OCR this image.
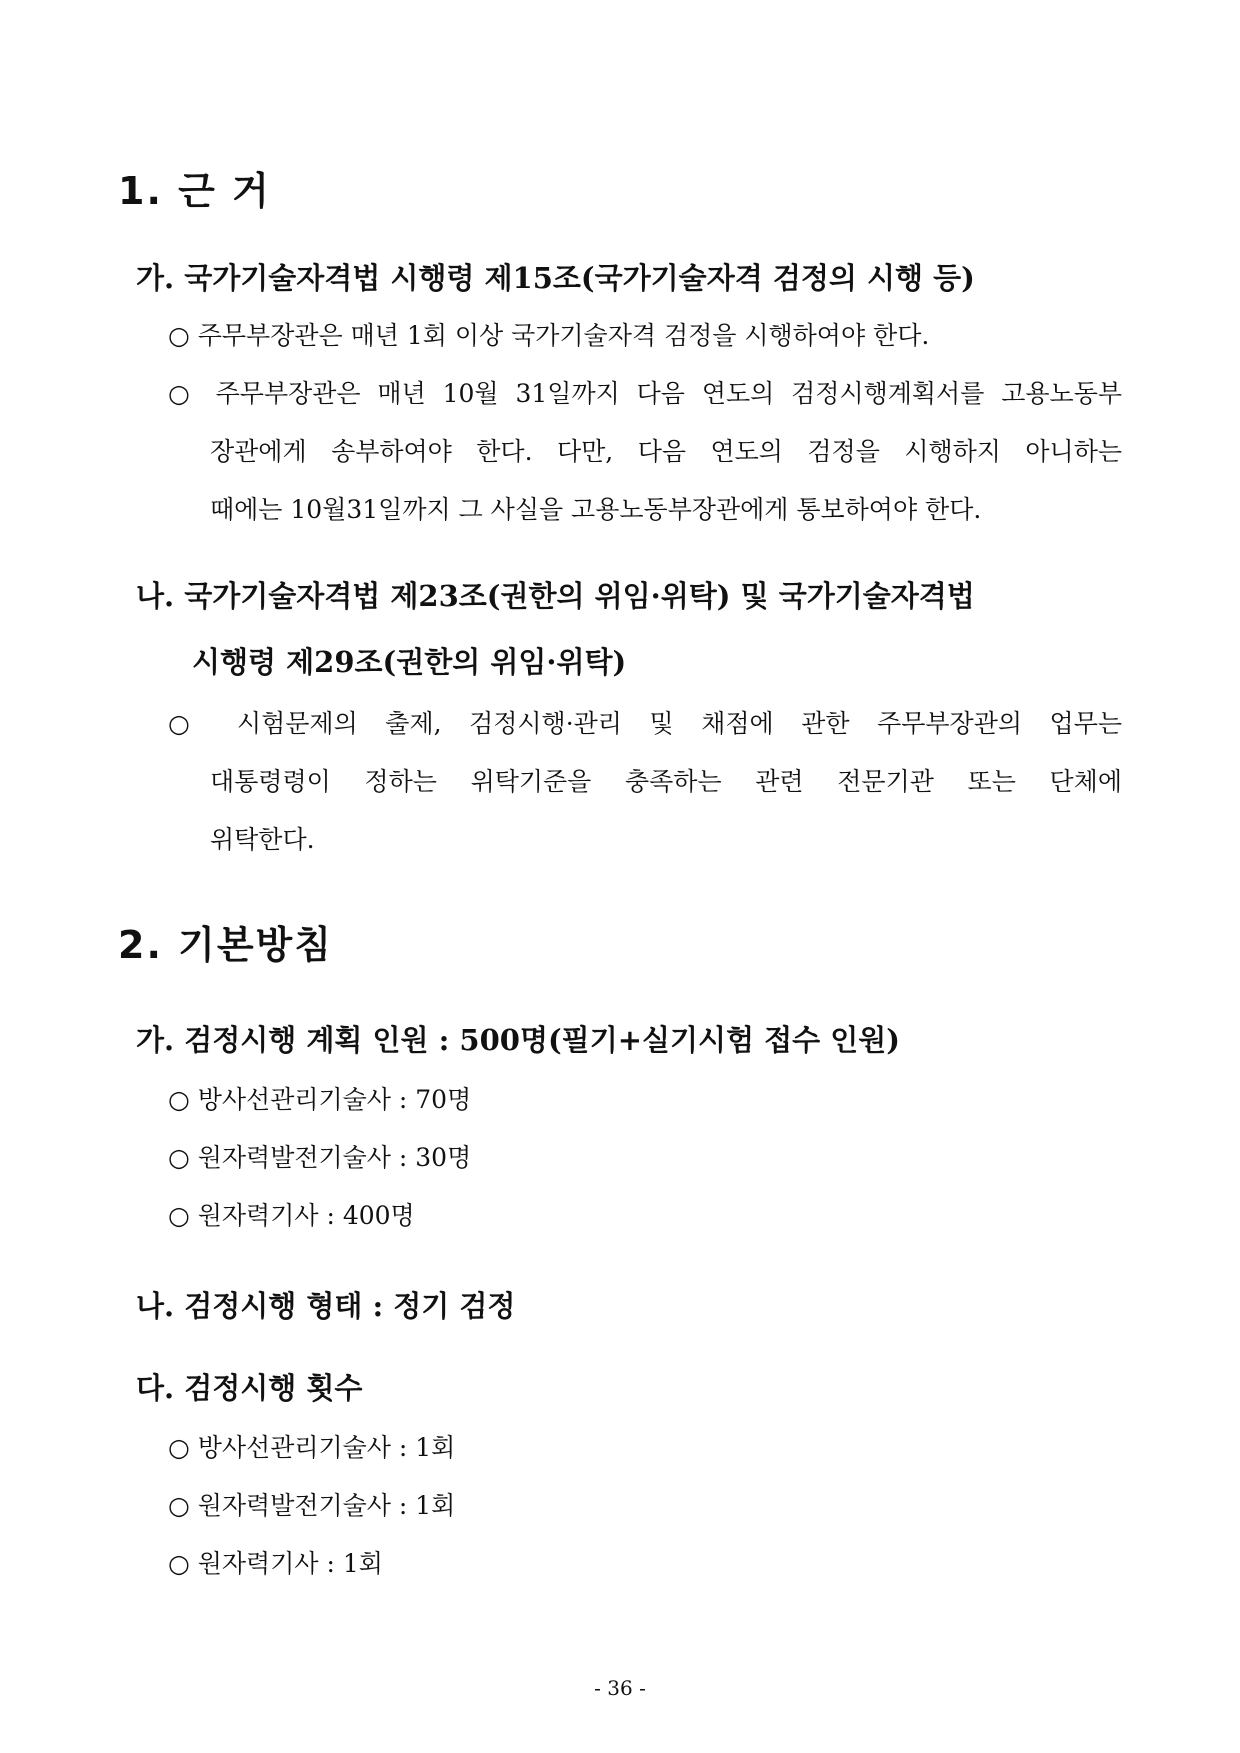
1. 근 거
가. 국가기술자격법 시행령 제15조(국가기술자격 검정의 시행 등)
○ 주무부장관은 매년 1회 이상 국가기술자격 검정을 시행하여야 한다.
○ 주무부장관은 매년 10월 31일까지 다음 연도의 검정시행계획서를 고용노동부
장관에게 송부하여야 한다. 다만, 다음 연도의 검정을 시행하지 아니하는
때에는 10월31일까지 그 사실을 고용노동부장관에게 통보하여야 한다.
나. 국가기술자격법 제23조(권한의 위임·위탁) 및 국가기술자격법
시행령 제29조(권한의 위임·위탁)
○ 시험문제의 출제, 검정시행·관리 및 채점에 관한 주무부장관의 업무는
대통령령이 정하는 위탁기준을 충족하는 관련 전문기관 또는 단체에
위탁한다.
2. 기본방침
가. 검정시행 계획 인원 : 500명(필기+실기시험 접수 인원)
○ 방사선관리기술사 : 70명
○ 원자력발전기술사 : 30명
○ 원자력기사 : 400명
나. 검정시행 형태 : 정기 검정
다. 검정시행 횟수
○ 방사선관리기술사 : 1회
○ 원자력발전기술사 : 1회
○ 원자력기사 : 1회
- 36 -
